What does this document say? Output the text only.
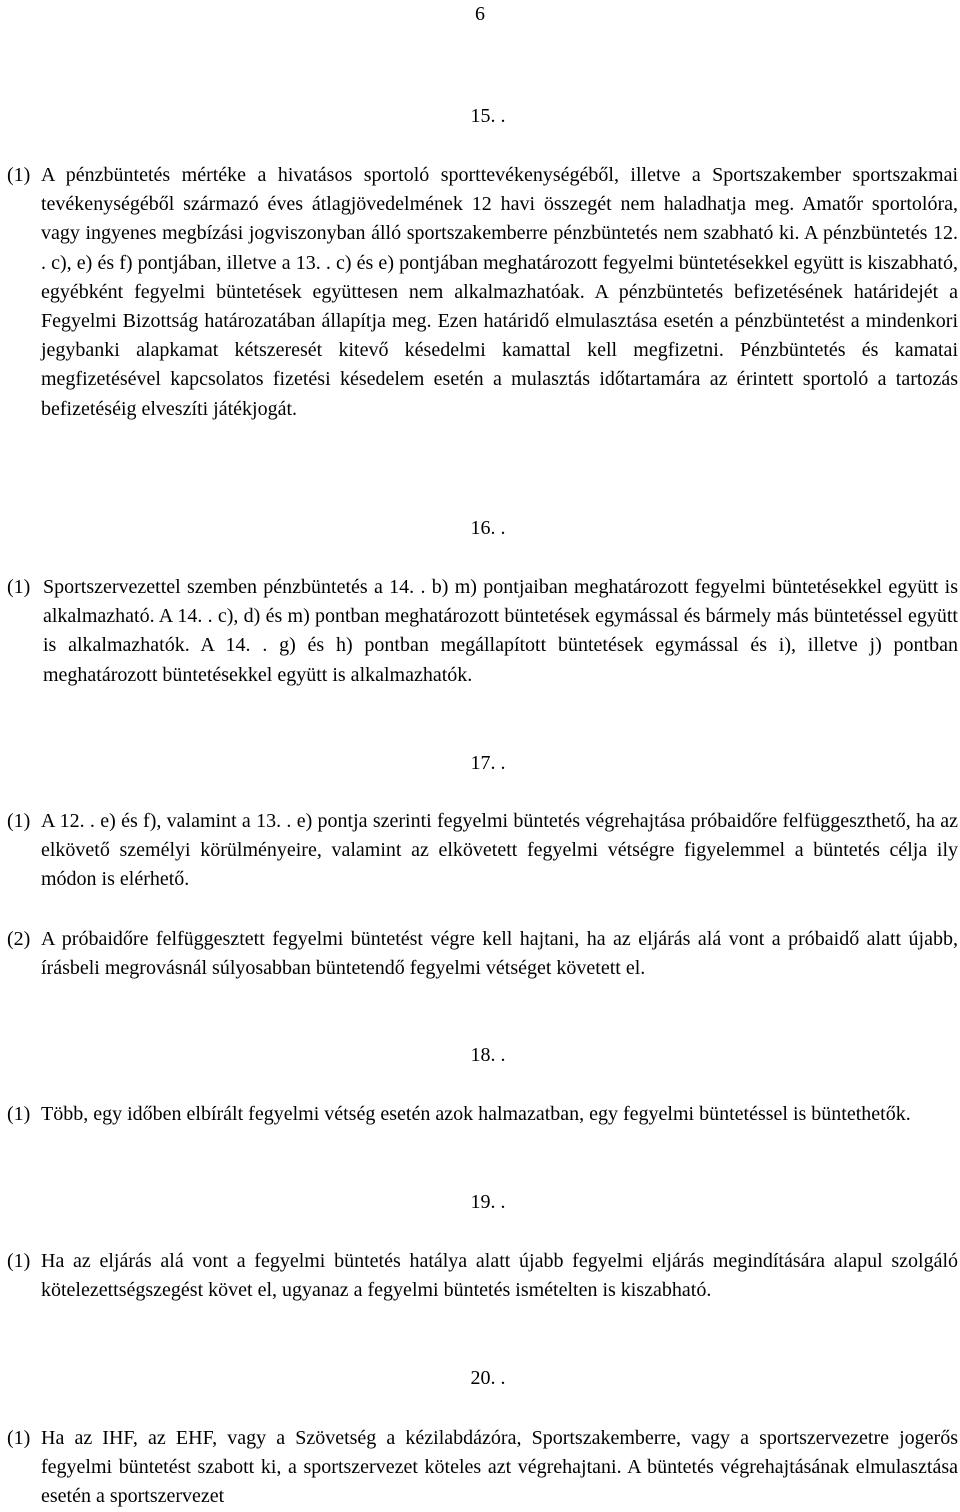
6
15. .
(1) A pénzbüntetés mértéke a hivatásos sportoló sporttevékenységéből, illetve a Sportszakember sportszakmai tevékenységéből származó éves átlagjövedelmének 12 havi összegét nem haladhatja meg. Amatőr sportolóra, vagy ingyenes megbízási jogviszonyban álló sportszakemberre pénzbüntetés nem szabható ki. A pénzbüntetés 12. . c), e) és f) pontjában, illetve a 13. . c) és e) pontjában meghatározott fegyelmi büntetésekkel együtt is kiszabható, egyébként fegyelmi büntetések együttesen nem alkalmazhatóak. A pénzbüntetés befizetésének határidejét a Fegyelmi Bizottság határozatában állapítja meg. Ezen határidő elmulasztása esetén a pénzbüntetést a mindenkori jegybanki alapkamat kétszeresét kitevő késedelmi kamattal kell megfizetni. Pénzbüntetés és kamatai megfizetésével kapcsolatos fizetési késedelem esetén a mulasztás időtartamára az érintett sportoló a tartozás befizetéséig elveszíti játékjogát.
16. .
(1) Sportszervezettel szemben pénzbüntetés a 14. . b) m) pontjaiban meghatározott fegyelmi büntetésekkel együtt is alkalmazható. A 14. . c), d) és m) pontban meghatározott büntetések egymással és bármely más büntetéssel együtt is alkalmazhatók. A 14. . g) és h) pontban megállapított büntetések egymással és i), illetve j) pontban meghatározott büntetésekkel együtt is alkalmazhatók.
17. .
(1) A 12. . e) és f), valamint a 13. . e) pontja szerinti fegyelmi büntetés végrehajtása próbaidőre felfüggeszthető, ha az elkövető személyi körülményeire, valamint az elkövetett fegyelmi vétségre figyelemmel a büntetés célja ily módon is elérhető.
(2) A próbaidőre felfüggesztett fegyelmi büntetést végre kell hajtani, ha az eljárás alá vont a próbaidő alatt újabb, írásbeli megrovásnál súlyosabban büntetendő fegyelmi vétséget követett el.
18. .
(1) Több, egy időben elbírált fegyelmi vétség esetén azok halmazatban, egy fegyelmi büntetéssel is büntethetők.
19. .
(1) Ha az eljárás alá vont a fegyelmi büntetés hatálya alatt újabb fegyelmi eljárás megindítására alapul szolgáló kötelezettségszegést követ el, ugyanaz a fegyelmi büntetés ismételten is kiszabható.
20. .
(1) Ha az IHF, az EHF, vagy a Szövetség a kézilabdázóra, Sportszakemberre, vagy a sportszervezetre jogerős fegyelmi büntetést szabott ki, a sportszervezet köteles azt végrehajtani. A büntetés végrehajtásának elmulasztása esetén a sportszervezet
